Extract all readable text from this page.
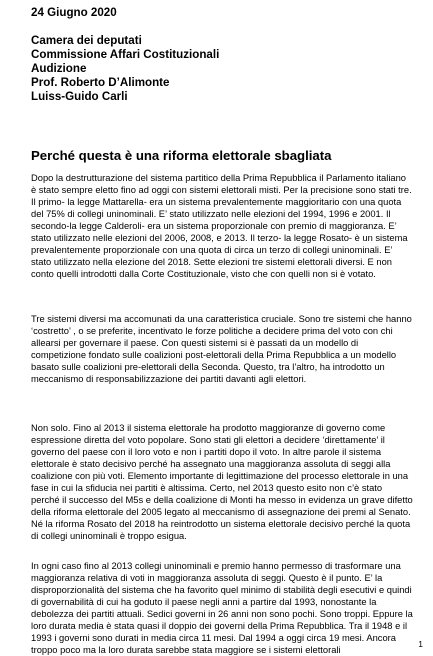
24 Giugno 2020
Camera dei deputati
Commissione Affari Costituzionali
Audizione
Prof. Roberto D’Alimonte
Luiss-Guido Carli
Perché questa è una riforma elettorale sbagliata

Dopo la destrutturazione del sistema partitico della Prima Repubblica il Parlamento italiano è stato sempre eletto fino ad oggi con sistemi elettorali misti. Per la precisione sono stati tre. Il primo- la legge Mattarella- era un sistema prevalentemente maggioritario con una quota del 75% di collegi uninominali. E’ stato utilizzato nelle elezioni del 1994, 1996 e 2001. Il secondo-la legge Calderoli- era un sistema proporzionale con premio di maggioranza. E’ stato utilizzato nelle elezioni del 2006, 2008, e 2013. Il terzo- la legge Rosato- è un sistema prevalentemente proporzionale con una quota di circa un terzo di collegi uninominali. E’ stato utilizzato nella elezione del 2018. Sette elezioni tre sistemi elettorali diversi. E non conto quelli introdotti dalla Corte Costituzionale, visto che con quelli non si è votato.

Tre sistemi diversi ma accomunati da una caratteristica cruciale. Sono tre sistemi che hanno ‘costretto’ , o se preferite, incentivato le forze politiche a decidere prima del voto con chi allearsi per governare il paese. Con questi sistemi si è passati da un modello di competizione fondato sulle coalizioni post-elettorali della Prima Repubblica a un modello basato sulle coalizioni pre-elettorali della Seconda. Questo, tra l’altro, ha introdotto un meccanismo di responsabilizzazione dei partiti davanti agli elettori.

Non solo. Fino al 2013 il sistema elettorale ha prodotto maggioranze di governo come espressione diretta del voto popolare. Sono stati gli elettori a decidere ‘direttamente’ il governo del paese con il loro voto e non i partiti dopo il voto. In altre parole il sistema elettorale è stato decisivo perché ha assegnato una maggioranza assoluta di seggi alla coalizione con più voti. Elemento importante di legittimazione del processo elettorale in una fase in cui la sfiducia nei partiti è altissima. Certo, nel 2013 questo esito non c’è stato perché il successo del M5s e della coalizione di Monti ha messo in evidenza un grave difetto della riforma elettorale del 2005 legato al meccanismo di assegnazione dei premi al Senato. Né la riforma Rosato del 2018 ha reintrodotto un sistema elettorale decisivo perché la quota di collegi uninominali è troppo esigua.

In ogni caso fino al 2013 collegi uninominali e premio hanno permesso di trasformare una maggioranza relativa di voti in maggioranza assoluta di seggi. Questo è il punto. E’ la disproporzionalità del sistema che ha favorito quel minimo di stabilità degli esecutivi e quindi di governabilità di cui ha goduto il paese negli anni a partire dal 1993, nonostante la debolezza dei partiti attuali. Sedici governi in 26 anni non sono pochi. Sono troppi. Eppure la loro durata media è stata quasi il doppio dei governi della Prima Repubblica. Tra il 1948 e il 1993 i governi sono durati in media circa 11 mesi. Dal 1994 a oggi circa 19 mesi. Ancora troppo poco ma la loro durata sarebbe stata maggiore se i sistemi elettorali

1
